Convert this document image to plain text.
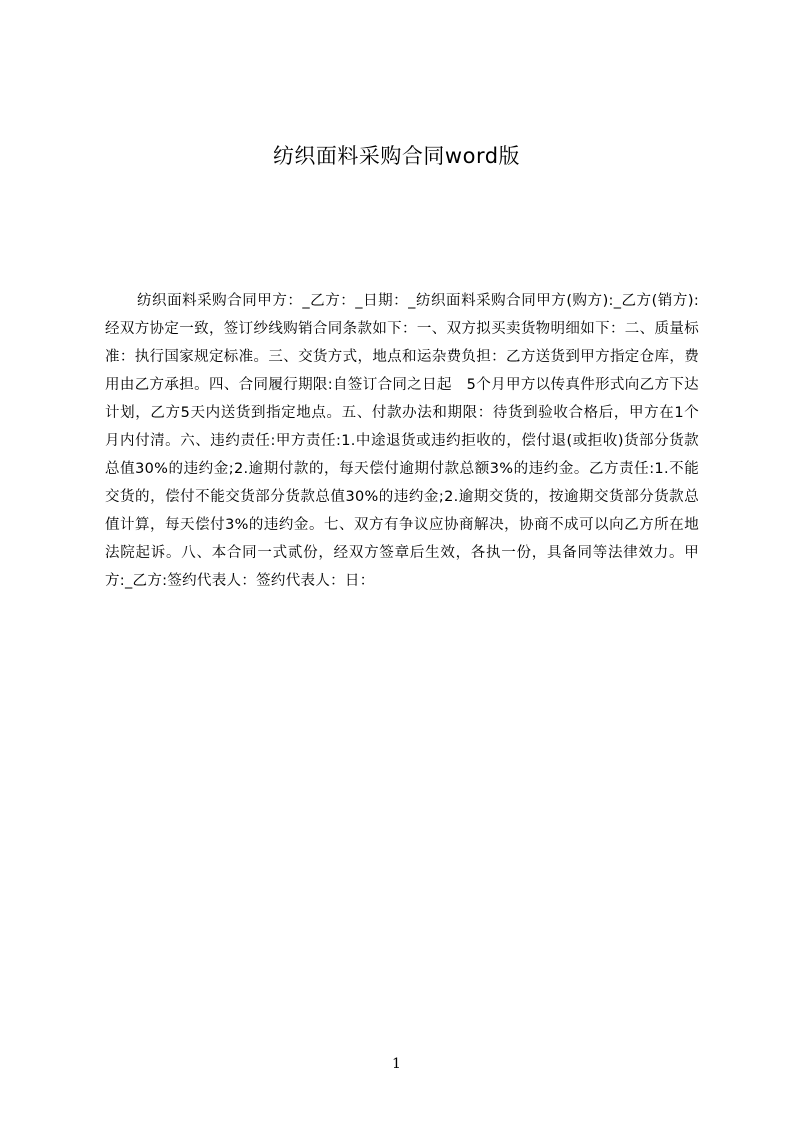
纺织面料采购合同word版

纺织面料采购合同甲方：_乙方：_日期：_纺织面料采购合同甲方(购方):_乙方(销方):经双方协定一致，签订纱线购销合同条款如下：一、双方拟买卖货物明细如下：二、质量标准：执行国家规定标准。三、交货方式，地点和运杂费负担：乙方送货到甲方指定仓库，费用由乙方承担。四、合同履行期限:自签订合同之日起　5个月甲方以传真件形式向乙方下达计划，乙方5天内送货到指定地点。五、付款办法和期限：待货到验收合格后，甲方在1个月内付清。六、违约责任:甲方责任:1.中途退货或违约拒收的，偿付退(或拒收)货部分货款总值30%的违约金;2.逾期付款的，每天偿付逾期付款总额3%的违约金。乙方责任:1.不能交货的，偿付不能交货部分货款总值30%的违约金;2.逾期交货的，按逾期交货部分货款总值计算，每天偿付3%的违约金。七、双方有争议应协商解决，协商不成可以向乙方所在地法院起诉。八、本合同一式贰份，经双方签章后生效，各执一份，具备同等法律效力。甲方:_乙方:签约代表人：签约代表人：日：

1
